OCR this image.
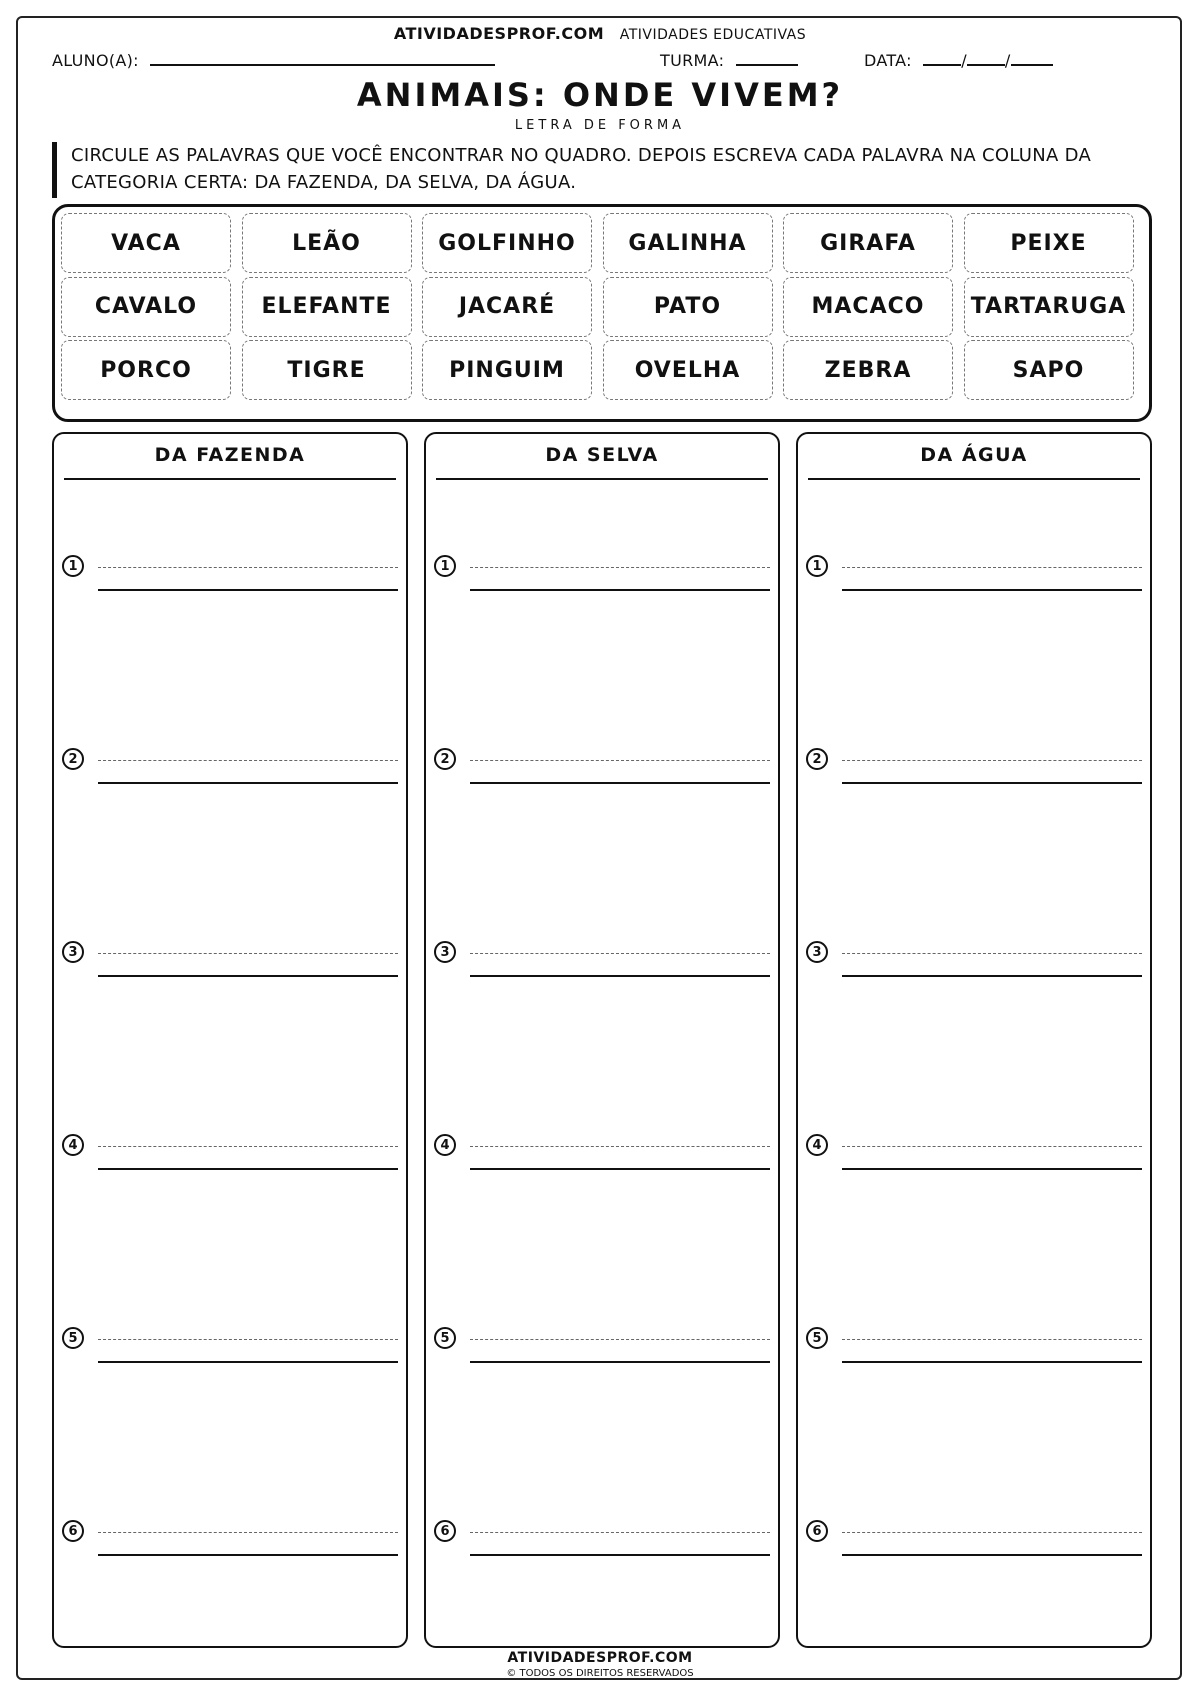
ATIVIDADESPROF.COM ATIVIDADES EDUCATIVAS
ALUNO(A):	TURMA:	DATA:	/ /
ANIMAIS: ONDE VIVEM?
LETRA DE FORMA
CIRCULE AS PALAVRAS QUE VOCÊ ENCONTRAR NO QUADRO. DEPOIS ESCREVA CADA PALAVRA NA COLUNA DA CATEGORIA CERTA: DA FAZENDA, DA SELVA, DA ÁGUA.
VACA	LEÃO	GOLFINHO	GALINHA	GIRAFA	PEIXE
CAVALO	ELEFANTE	JACARÉ	PATO	MACACO	TARTARUGA
PORCO	TIGRE	PINGUIM	OVELHA	ZEBRA	SAPO
DA FAZENDA
1
2
3
4
5
6
DA SELVA
1
2
3
4
5
6
DA ÁGUA
1
2
3
4
5
6
ATIVIDADESPROF.COM
© TODOS OS DIREITOS RESERVADOS
